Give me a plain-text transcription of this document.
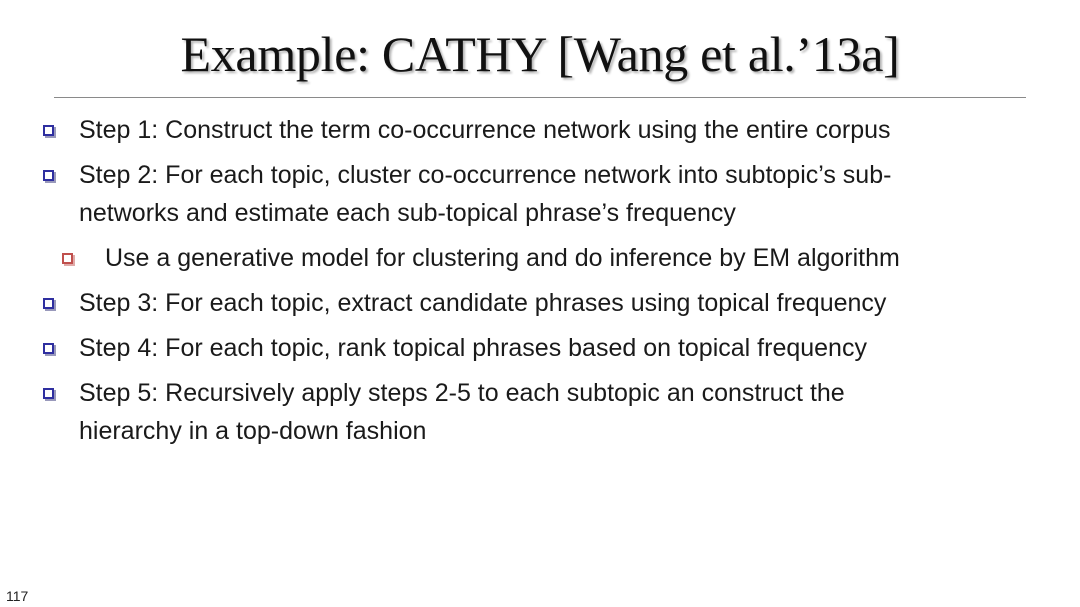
Example: CATHY [Wang et al.’13a]
Step 1: Construct the term co-occurrence network using the entire corpus
Step 2: For each topic, cluster co-occurrence network into subtopic’s sub-
networks and estimate each sub-topical phrase’s frequency
Use a generative model for clustering and do inference by EM algorithm
Step 3: For each topic, extract candidate phrases using topical frequency
Step 4: For each topic, rank topical phrases based on topical frequency
Step 5: Recursively apply steps 2-5 to each subtopic an construct the
hierarchy in a top-down fashion
117
